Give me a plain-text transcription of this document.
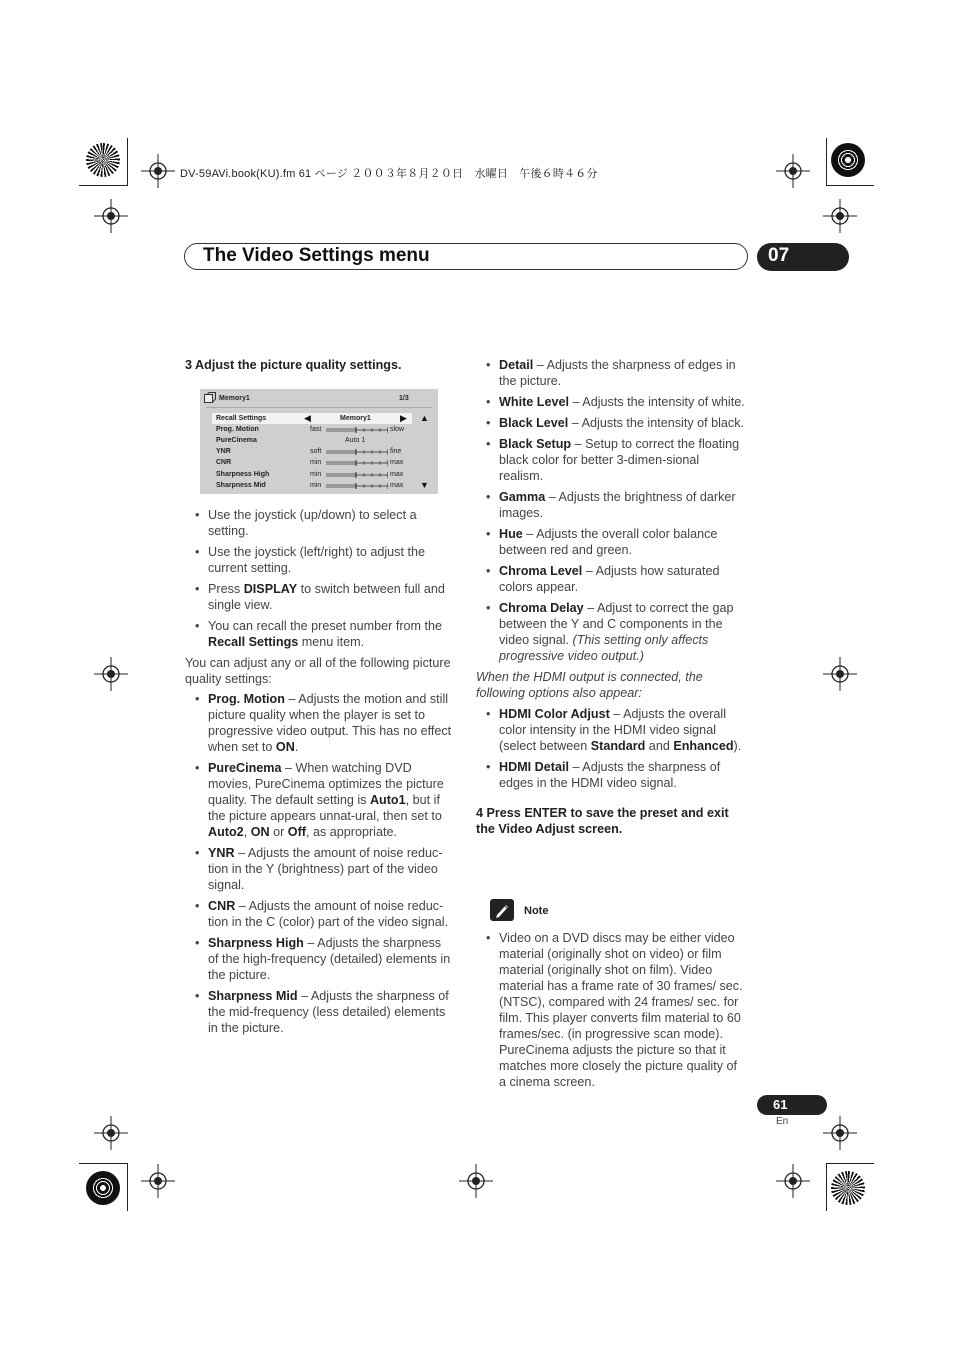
DV-59AVi.book(KU).fm 61 ページ ２００３年８月２０日　水曜日　午後６時４６分
The Video Settings menu	07

3 Adjust the picture quality settings.

Memory1	1/3
Recall Settings	◀	Memory1	▶ ▲
Prog. Motion	fast	slow
PureCinema	Auto 1
YNR	soft	fine
CNR	min	max
Sharpness High	min	max
Sharpness Mid	min	max ▼
• Use the joystick (up/down) to select a setting.
• Use the joystick (left/right) to adjust the current setting.
• Press DISPLAY to switch between full and single view.
• You can recall the preset number from the Recall Settings menu item.

You can adjust any or all of the following picture quality settings:

• Prog. Motion – Adjusts the motion and still picture quality when the player is set to progressive video output. This has no effect when set to ON.
• PureCinema – When watching DVD movies, PureCinema optimizes the picture quality. The default setting is Auto1, but if the picture appears unnat-ural, then set to Auto2, ON or Off, as appropriate.
• YNR – Adjusts the amount of noise reduc-tion in the Y (brightness) part of the video signal.
• CNR – Adjusts the amount of noise reduc-tion in the C (color) part of the video signal.
• Sharpness High – Adjusts the sharpness of the high-frequency (detailed) elements in the picture.
• Sharpness Mid – Adjusts the sharpness of the mid-frequency (less detailed) elements in the picture.
• Detail – Adjusts the sharpness of edges in the picture.
• White Level – Adjusts the intensity of white.
• Black Level – Adjusts the intensity of black.
• Black Setup – Setup to correct the floating black color for better 3-dimen-sional realism.
• Gamma – Adjusts the brightness of darker images.
• Hue – Adjusts the overall color balance between red and green.
• Chroma Level – Adjusts how saturated colors appear.
• Chroma Delay – Adjust to correct the gap between the Y and C components in the video signal. (This setting only affects progressive video output.)

When the HDMI output is connected, the following options also appear:

• HDMI Color Adjust – Adjusts the overall color intensity in the HDMI video signal (select between Standard and Enhanced).
• HDMI Detail – Adjusts the sharpness of edges in the HDMI video signal.

4 Press ENTER to save the preset and exit the Video Adjust screen.

Note
• Video on a DVD discs may be either video material (originally shot on video) or film material (originally shot on film). Video material has a frame rate of 30 frames/ sec.(NTSC), compared with 24 frames/ sec. for film. This player converts film material to 60 frames/sec. (in progressive scan mode). PureCinema adjusts the picture so that it matches more closely the picture quality of a cinema screen.
61
En
